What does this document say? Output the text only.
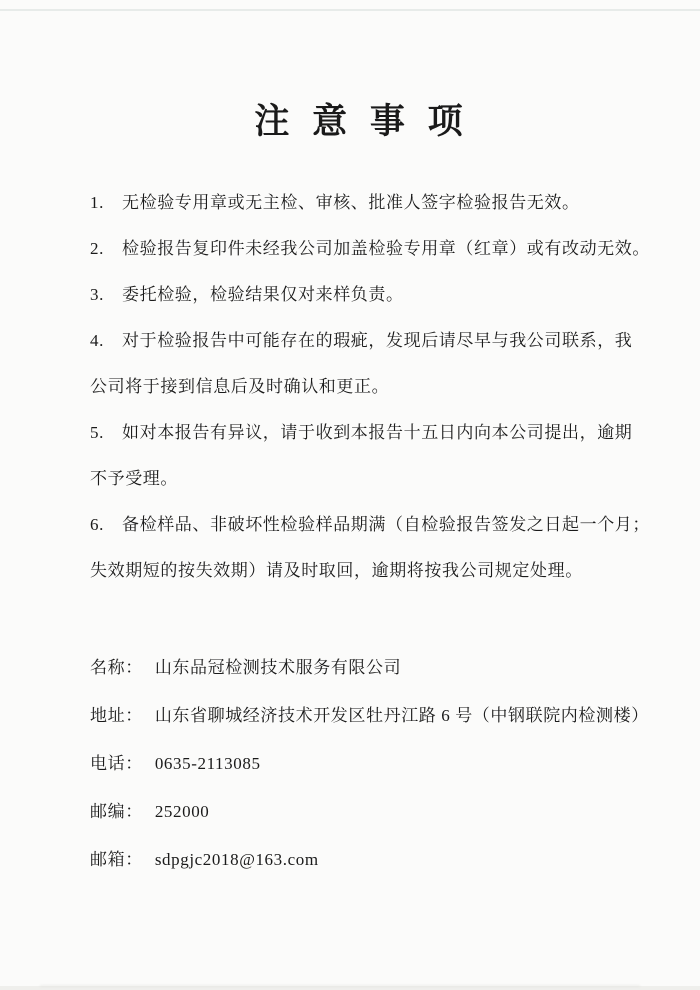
注 意 事 项
1. 无检验专用章或无主检、审核、批准人签字检验报告无效。
2. 检验报告复印件未经我公司加盖检验专用章（红章）或有改动无效。
3. 委托检验，检验结果仅对来样负责。
4. 对于检验报告中可能存在的瑕疵，发现后请尽早与我公司联系，我
公司将于接到信息后及时确认和更正。
5. 如对本报告有异议，请于收到本报告十五日内向本公司提出，逾期
不予受理。
6. 备检样品、非破坏性检验样品期满（自检验报告签发之日起一个月；
失效期短的按失效期）请及时取回，逾期将按我公司规定处理。
名称： 山东品冠检测技术服务有限公司
地址： 山东省聊城经济技术开发区牡丹江路 6 号（中钢联院内检测楼）
电话： 0635-2113085
邮编： 252000
邮箱： sdpgjc2018@163.com
